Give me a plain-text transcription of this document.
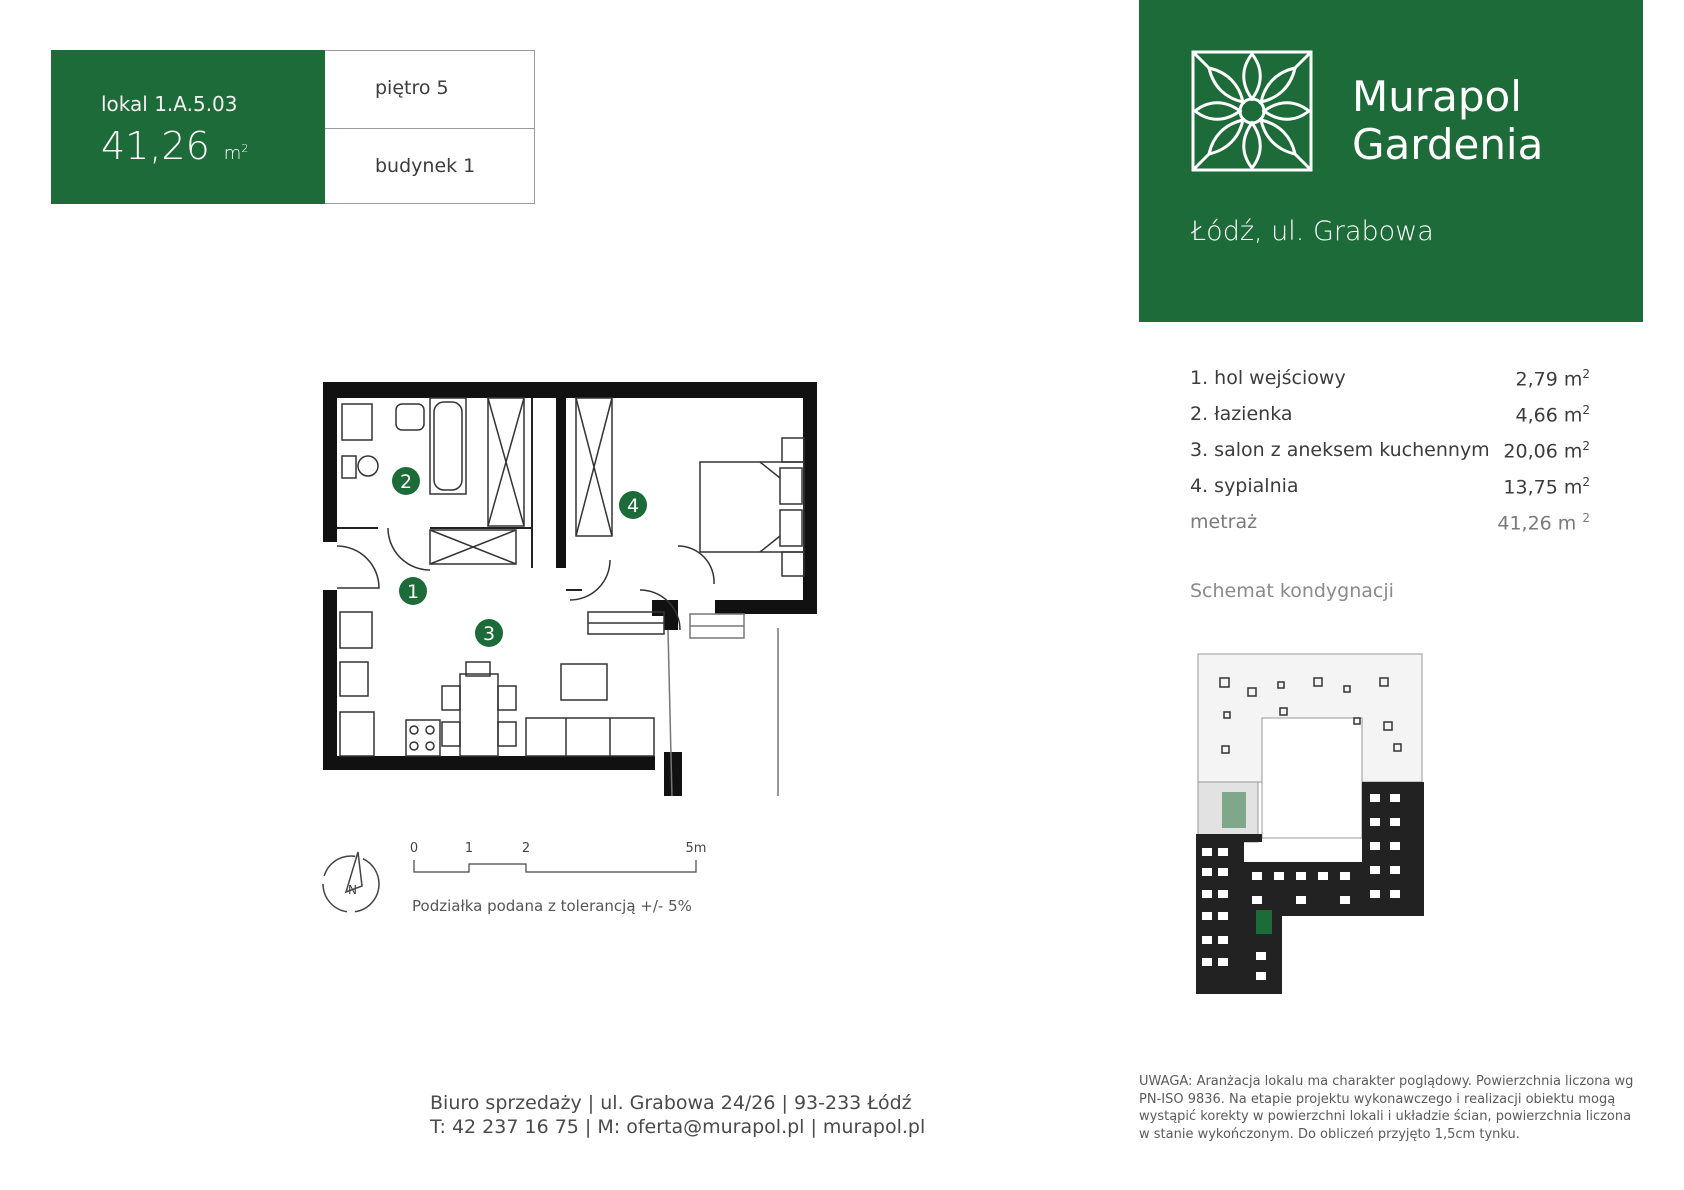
lokal 1.A.5.03
41,26 $m^2$
piętro 5
budynek 1
Murapol
Gardenia
Łódź, ul. Grabowa
1. hol wejściowy	2,79 $m^2$
2. łazienka	4,66 $m^2$
3. salon z aneksem kuchennym 20,06 $m^2$
4. sypialnia	13,75 $m^2$
metraż	41,26 m $^2$
Schemat kondygnacji
2
1
3
4
N
0	1	2	5m
Podziałka podana z tolerancją +/- 5%
Biuro sprzedaży | ul. Grabowa 24/26 | 93-233 Łódź
T: 42 237 16 75 | M: oferta@murapol.pl | murapol.pl
UWAGA: Aranżacja lokalu ma charakter poglądowy. Powierzchnia liczona wg PN-ISO 9836. Na etapie projektu wykonawczego i realizacji obiektu mogą wystąpić korekty w powierzchni lokali i układzie ścian, powierzchnia liczona w stanie wykończonym. Do obliczeń przyjęto 1,5cm tynku.
